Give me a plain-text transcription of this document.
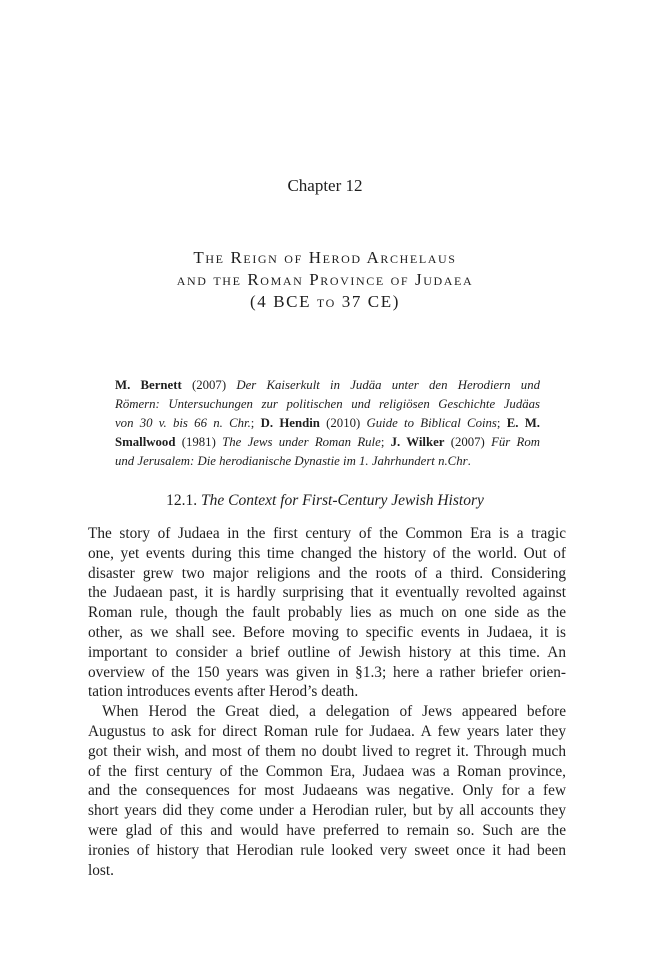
Chapter 12
The Reign of Herod Archelaus
and the Roman Province of Judaea
(4 BCE to 37 CE)
M. Bernett (2007) Der Kaiserkult in Judäa unter den Herodiern und
Römern: Untersuchungen zur politischen und religiösen Geschichte Judäas
von 30 v. bis 66 n. Chr.; D. Hendin (2010) Guide to Biblical Coins; E. M.
Smallwood (1981) The Jews under Roman Rule; J. Wilker (2007) Für Rom
und Jerusalem: Die herodianische Dynastie im 1. Jahrhundert n.Chr.
12.1. The Context for First-Century Jewish History
The story of Judaea in the first century of the Common Era is a tragic
one, yet events during this time changed the history of the world. Out of
disaster grew two major religions and the roots of a third. Considering
the Judaean past, it is hardly surprising that it eventually revolted against
Roman rule, though the fault probably lies as much on one side as the
other, as we shall see. Before moving to specific events in Judaea, it is
important to consider a brief outline of Jewish history at this time. An
overview of the 150 years was given in §1.3; here a rather briefer orien-
tation introduces events after Herod’s death.
When Herod the Great died, a delegation of Jews appeared before
Augustus to ask for direct Roman rule for Judaea. A few years later they
got their wish, and most of them no doubt lived to regret it. Through much
of the first century of the Common Era, Judaea was a Roman province,
and the consequences for most Judaeans was negative. Only for a few
short years did they come under a Herodian ruler, but by all accounts they
were glad of this and would have preferred to remain so. Such are the
ironies of history that Herodian rule looked very sweet once it had been
lost.
